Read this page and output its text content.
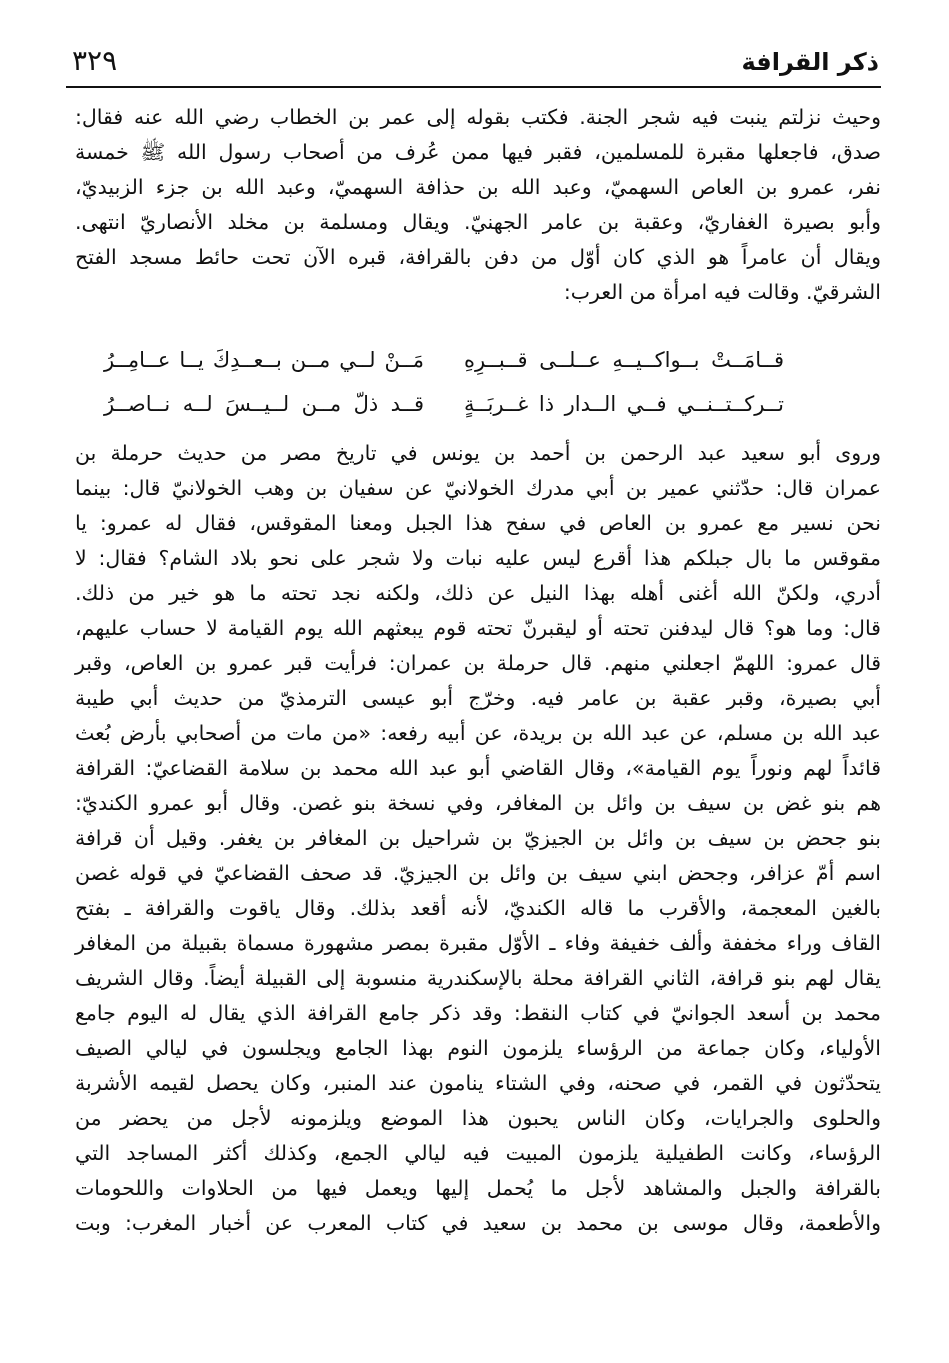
٣٢٩	ذكر القرافة
وحيث نزلتم ينبت فيه شجر الجنة. فكتب بقوله إلى عمر بن الخطاب رضي الله عنه فقال:
صدق، فاجعلها مقبرة للمسلمين، فقبر فيها ممن عُرف من أصحاب رسول الله ﷺ خمسة
نفر، عمرو بن العاص السهميّ، وعبد الله بن حذافة السهميّ، وعبد الله بن جزء الزبيديّ،
وأبو بصيرة الغفاريّ، وعقبة بن عامر الجهنيّ. ويقال ومسلمة بن مخلد الأنصاريّ انتهى.
ويقال أن عامراً هو الذي كان أوّل من دفن بالقرافة، قبره الآن تحت حائط مسجد الفتح
الشرقيّ. وقالت فيه امرأة من العرب:
قــامَــتْ بــواكــيــهِ عــلــى قــبــرِهِ
مَــنْ لــي مــن بــعــدِكَ يــا عــامِــرُ
تــركــتــنــي فــي الــدار ذا غــربَــةٍ
قــد ذلّ مــن لــيــسَ لــه نــاصــرُ
وروى أبو سعيد عبد الرحمن بن أحمد بن يونس في تاريخ مصر من حديث حرملة بن
عمران قال: حدّثني عمير بن أبي مدرك الخولانيّ عن سفيان بن وهب الخولانيّ قال: بينما
نحن نسير مع عمرو بن العاص في سفح هذا الجبل ومعنا المقوقس، فقال له عمرو: يا
مقوقس ما بال جبلكم هذا أقرع ليس عليه نبات ولا شجر على نحو بلاد الشام؟ فقال: لا
أدري، ولكنّ الله أغنى أهله بهذا النيل عن ذلك، ولكنه نجد تحته ما هو خير من ذلك.
قال: وما هو؟ قال ليدفنن تحته أو ليقبرنّ تحته قوم يبعثهم الله يوم القيامة لا حساب عليهم،
قال عمرو: اللهمّ اجعلني منهم. قال حرملة بن عمران: فرأيت قبر عمرو بن العاص، وقبر
أبي بصيرة، وقبر عقبة بن عامر فيه. وخرّج أبو عيسى الترمذيّ من حديث أبي طيبة
عبد الله بن مسلم، عن عبد الله بن بريدة، عن أبيه رفعه: «من مات من أصحابي بأرض بُعث
قائداً لهم ونوراً يوم القيامة»، وقال القاضي أبو عبد الله محمد بن سلامة القضاعيّ: القرافة
هم بنو غض بن سيف بن وائل بن المغافر، وفي نسخة بنو غصن. وقال أبو عمرو الكنديّ:
بنو جحض بن سيف بن وائل بن الجيزيّ بن شراحيل بن المغافر بن يغفر. وقيل أن قرافة
اسم أمّ عزافر، وجحض ابني سيف بن وائل بن الجيزيّ. قد صحف القضاعيّ في قوله غصن
بالغين المعجمة، والأقرب ما قاله الكنديّ، لأنه أقعد بذلك. وقال ياقوت والقرافة ـ بفتح
القاف وراء مخففة وألف خفيفة وفاء ـ الأوّل مقبرة بمصر مشهورة مسماة بقبيلة من المغافر
يقال لهم بنو قرافة، الثاني القرافة محلة بالإسكندرية منسوبة إلى القبيلة أيضاً. وقال الشريف
محمد بن أسعد الجوانيّ في كتاب النقط: وقد ذكر جامع القرافة الذي يقال له اليوم جامع
الأولياء، وكان جماعة من الرؤساء يلزمون النوم بهذا الجامع ويجلسون في ليالي الصيف
يتحدّثون في القمر، في صحنه، وفي الشتاء ينامون عند المنبر، وكان يحصل لقيمه الأشربة
والحلوى والجرايات، وكان الناس يحبون هذا الموضع ويلزمونه لأجل من يحضر من
الرؤساء، وكانت الطفيلية يلزمون المبيت فيه ليالي الجمع، وكذلك أكثر المساجد التي
بالقرافة والجبل والمشاهد لأجل ما يُحمل إليها ويعمل فيها من الحلاوات واللحومات
والأطعمة، وقال موسى بن محمد بن سعيد في كتاب المعرب عن أخبار المغرب: وبت
